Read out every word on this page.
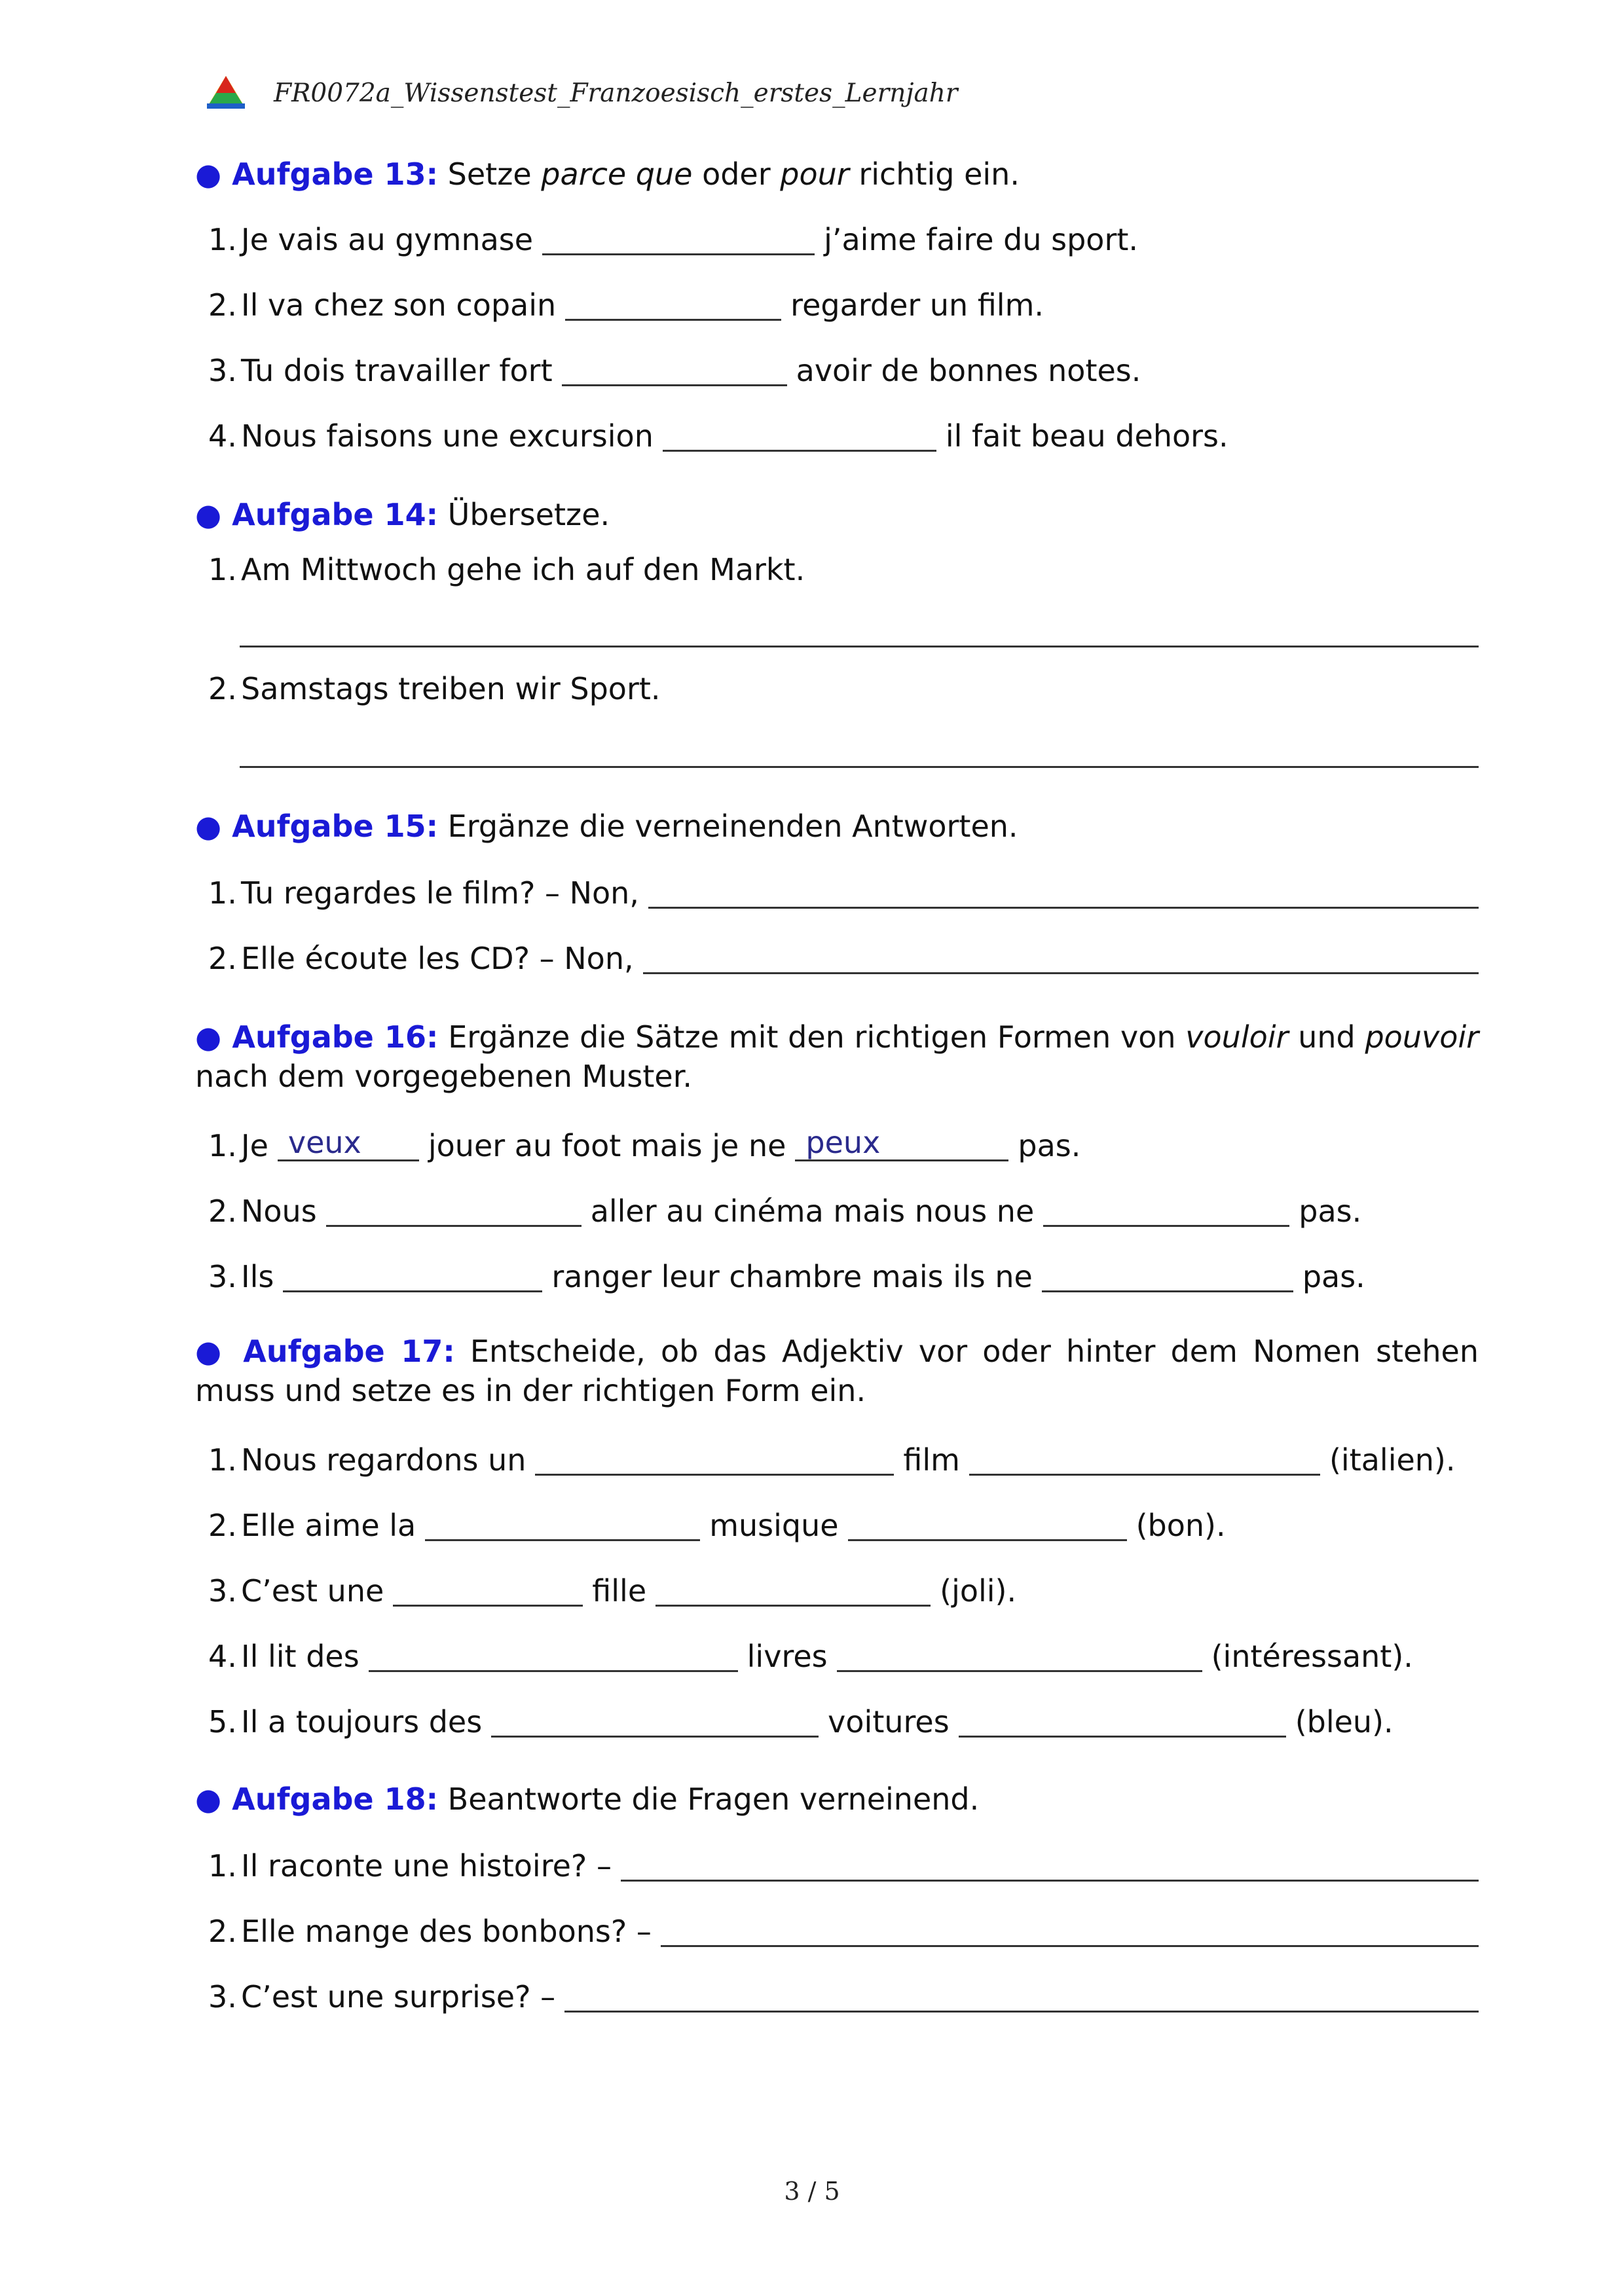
FR0072a_Wissenstest_Franzoesisch_erstes_Lernjahr
● Aufgabe 13: Setze parce que oder pour richtig ein.
1. Je vais au gymnase	j’aime faire du sport.
2. Il va chez son copain	regarder un film.
3. Tu dois travailler fort	avoir de bonnes notes.
4. Nous faisons une excursion	il fait beau dehors.
● Aufgabe 14: Übersetze.
1. Am Mittwoch gehe ich auf den Markt.
2. Samstags treiben wir Sport.
● Aufgabe 15: Ergänze die verneinenden Antworten.
1. Tu regardes le film? – Non,
2. Elle écoute les CD? – Non,
● Aufgabe 16: Ergänze die Sätze mit den richtigen Formen von vouloir und pouvoir nach dem vorgegebenen Muster.
1. Je veux jouer au foot mais je ne peux	pas.
2. Nous	aller au cinéma mais nous ne	pas.
3. Ils	ranger leur chambre mais ils ne	pas.
● Aufgabe 17: Entscheide, ob das Adjektiv vor oder hinter dem Nomen stehen muss und setze es in der richtigen Form ein.
1. Nous regardons un	film	(italien).
2. Elle aime la	musique	(bon).
3. C’est une	fille	(joli).
4. Il lit des	livres	(intéressant).
5. Il a toujours des	voitures	(bleu).
● Aufgabe 18: Beantworte die Fragen verneinend.
1. Il raconte une histoire? –
2. Elle mange des bonbons? –
3. C’est une surprise? –
3 / 5
